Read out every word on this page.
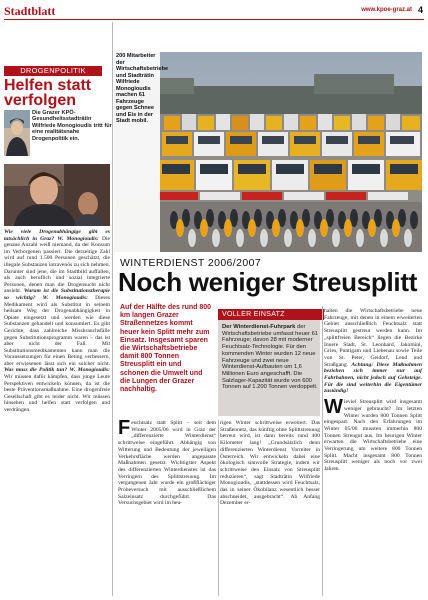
Stadtblatt	www.kpoe-graz.at 4
DROGENPOLITIK
Helfen statt
verfolgen
Die Grazer KPÖ-Gesundheitsstadträtin Wilfriede Monogioudis tritt für eine realitätsnahe Drogenpolitik ein.
Wie viele Drogenabhängige gibt es tatsächlich in Graz? W. Monogioudis: Die genaue Anzahl weiß niemand, da der Konsum im Verborgenen passiert. Die derzeitige Zahl wird auf rund 1.500 Personen geschätzt, die illegale Substanzen intravenös zu sich nehmen. Darunter sind jene, die im Stadtbild auffallen, als auch beruflich und sozial integrierte Personen, denen man die Drogensucht nicht ansieht. Warum ist die Substitutionstherapie so wichtig? W. Monogioudis: Dieses Medikament wird als Substitut in seinem heilsam Weg der Drogenabhängigkeit in Opiate eingesetzt und werden wie diese Substanzen gehandelt und konsumiert. Es gibt Gerichte, dass zahlreiche Missbrauchsfälle gegen Substitutionsprogramm waren – das ist aber nicht der Fall. Mit Substitutionsmedikamenten kann man die Voraussetzungen für einen Beting verbessern, aber erwiesenen lässt sich ein solcher nicht. Was muss die Politik tun? W. Monogioudis: Wir müssen dafür kämpfen, dass junge Leute Perspektiven entwickeln können, da ist die beste Präventionsmaßnahme. Eine drogenfreie Gesellschaft gibt es leider nicht. Wir müssen hinsehen und helfen statt verfolgen und verdrängen.
200 Mitarbeiter der Wirtschaftsbetriebe und Stadträtin Wilfriede Monogioudis machen 61 Fahrzeuge gegen Schnee und Eis in der Stadt mobil.
WINTERDIENST 2006/2007
Noch weniger Streusplitt
Auf der Hälfte des rund 800 km langen Grazer Straßennetzes kommt heuer kein Splitt mehr zum Einsatz. Insgesamt sparen die Wirtschaftsbetriebe damit 800 Tonnen Streusplitt ein und schonen die Umwelt und die Lungen der Grazer nachhaltig.
VOLLER EINSATZ
Der Winterdienst-Fuhrpark der Wirtschaftsbetriebe umfasst heuer 61 Fahrzeuge; davon 28 mit moderner Feuchtsalz-Technologie. Für den kommenden Winter wurden 12 neue Fahrzeuge und zwei neue Winterdienst-Aufbauten um 1,6 Millionen Euro angeschafft. Die Salzlager-Kapazität wurde von 600 Tonnen auf 1.200 Tonnen verdoppelt.
Feuchtsalz statt Splitt – seit dem Winter 2005/06 wird in Graz der „differenzierte Winterdienst“ schrittweise eingeführt. Abhängig von Witterung und Bedeutung der jeweiligen Verkehrsfläche werden angepasste Maßnahmen gesetzt. Wichtigster Aspekt des differenzierten Winterdienstes ist das Verringern des Splittstreuung. Im vergangenen Jahr wurde ein großflächiger Probeversuch mit ausschließlichem Salzeinsatz durchgeführt. Das Versuchsgebiet wird im heu-
rigen Winter schrittweise erweitert. Das Straßennetz, das künftig ohne Splittstreuung betreut wird, ist dann bereits rund 400 Kilometer lang! „Grundsätzlich denn differenzierten Winterdienst Vorreiter in Österreich. Wir entwickeln dabei eine ökologisch sinnvolle Strategie, indem wir schrittweise den Einsatz von Streusplitt reduzieren“, sagt Stadträtin Wilfriede Monogioudis, „stattdessen wird Feuchtsalz, das in seiner Ökobilanz wesentlich besser abschneidet, ausgebracht“. Ab Anfang Dezember er-
halten die Wirtschaftsbetriebe neue Fahrzeuge, mit denen in einem erweiterten Gebiet ausschließlich Feuchtsalz statt Streusplitt gestreut werden kann. Im „splittfreien Bereich“ liegen die Bezirke Innere Stadt, St. Leonhard, Jakomini, Gries, Puntigam und Liebenau sowie Teile von St. Peter, Geidorf, Lend und Straßgang. Achtung: Diese Maßnahmen beziehen sich immer nur auf Fahrbahnen, nicht jedoch auf Gehsteige. Für die sind weiterhin die Eigentümer zuständig!
W ieviel Streusplitt wird insgesamt weniger gebraucht? Im letzten Winter wurden 800 Tonnen Splitt eingespart. Nach den Erfahrungen im Winter 05/06 mussten immerhin 800 Tonnen Streugut aus. Im heurigen Winter erwarten die Wirtschaftsbetriebe eine Verringerung um weitere 800 Tonnen Splitt. Macht insgesamt 800 Tonnen Streusplitt weniger als noch vor zwei Jahren.
